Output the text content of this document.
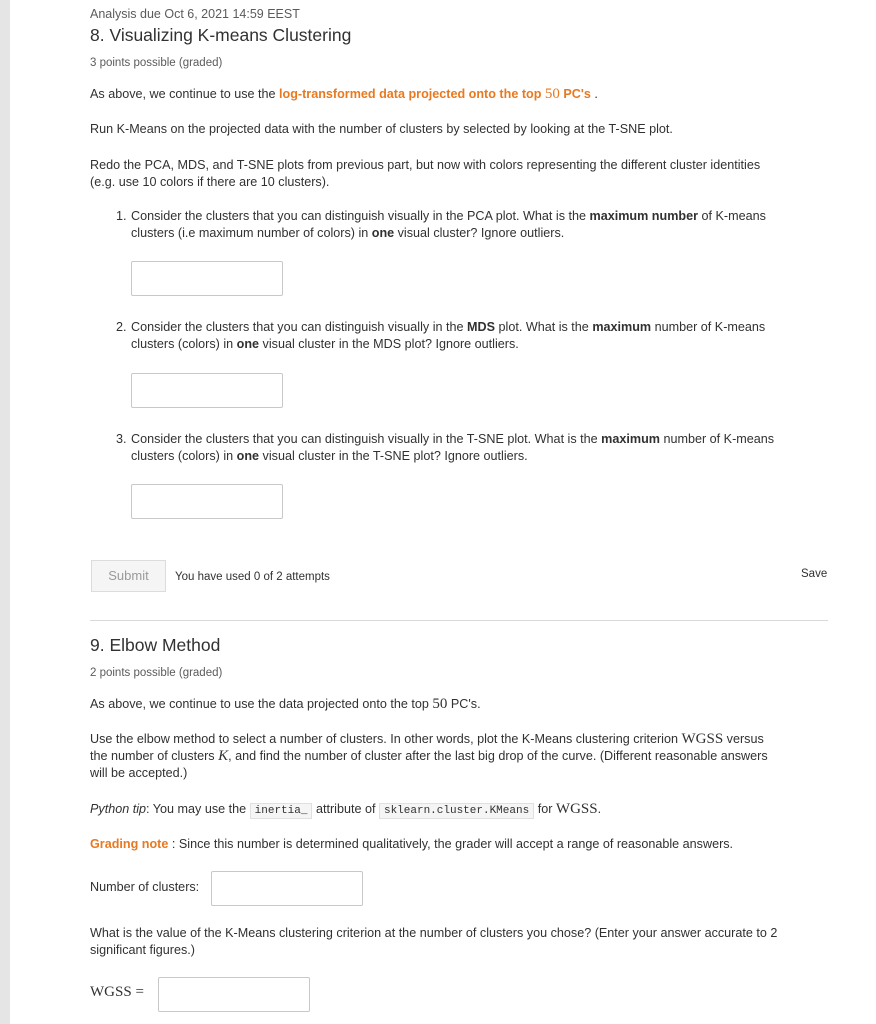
Analysis due Oct 6, 2021 14:59 EEST
8. Visualizing K-means Clustering
3 points possible (graded)
As above, we continue to use the log-transformed data projected onto the top 50 PC's .
Run K-Means on the projected data with the number of clusters by selected by looking at the T-SNE plot.
Redo the PCA, MDS, and T-SNE plots from previous part, but now with colors representing the different cluster identities
(e.g. use 10 colors if there are 10 clusters).
1. Consider the clusters that you can distinguish visually in the PCA plot. What is the maximum number of K-means
clusters (i.e maximum number of colors) in one visual cluster? Ignore outliers.
2. Consider the clusters that you can distinguish visually in the MDS plot. What is the maximum number of K-means
clusters (colors) in one visual cluster in the MDS plot? Ignore outliers.
3. Consider the clusters that you can distinguish visually in the T-SNE plot. What is the maximum number of K-means
clusters (colors) in one visual cluster in the T-SNE plot? Ignore outliers.
Submit	You have used 0 of 2 attempts	Save
9. Elbow Method
2 points possible (graded)
As above, we continue to use the data projected onto the top 50 PC's.
Use the elbow method to select a number of clusters. In other words, plot the K-Means clustering criterion WGSS versus
the number of clusters K, and find the number of cluster after the last big drop of the curve. (Different reasonable answers
will be accepted.)
Python tip: You may use the inertia_ attribute of sklearn.cluster.KMeans for WGSS.
Grading note : Since this number is determined qualitatively, the grader will accept a range of reasonable answers.
Number of clusters:
What is the value of the K-Means clustering criterion at the number of clusters you chose? (Enter your answer accurate to 2
significant figures.)
WGSS =
